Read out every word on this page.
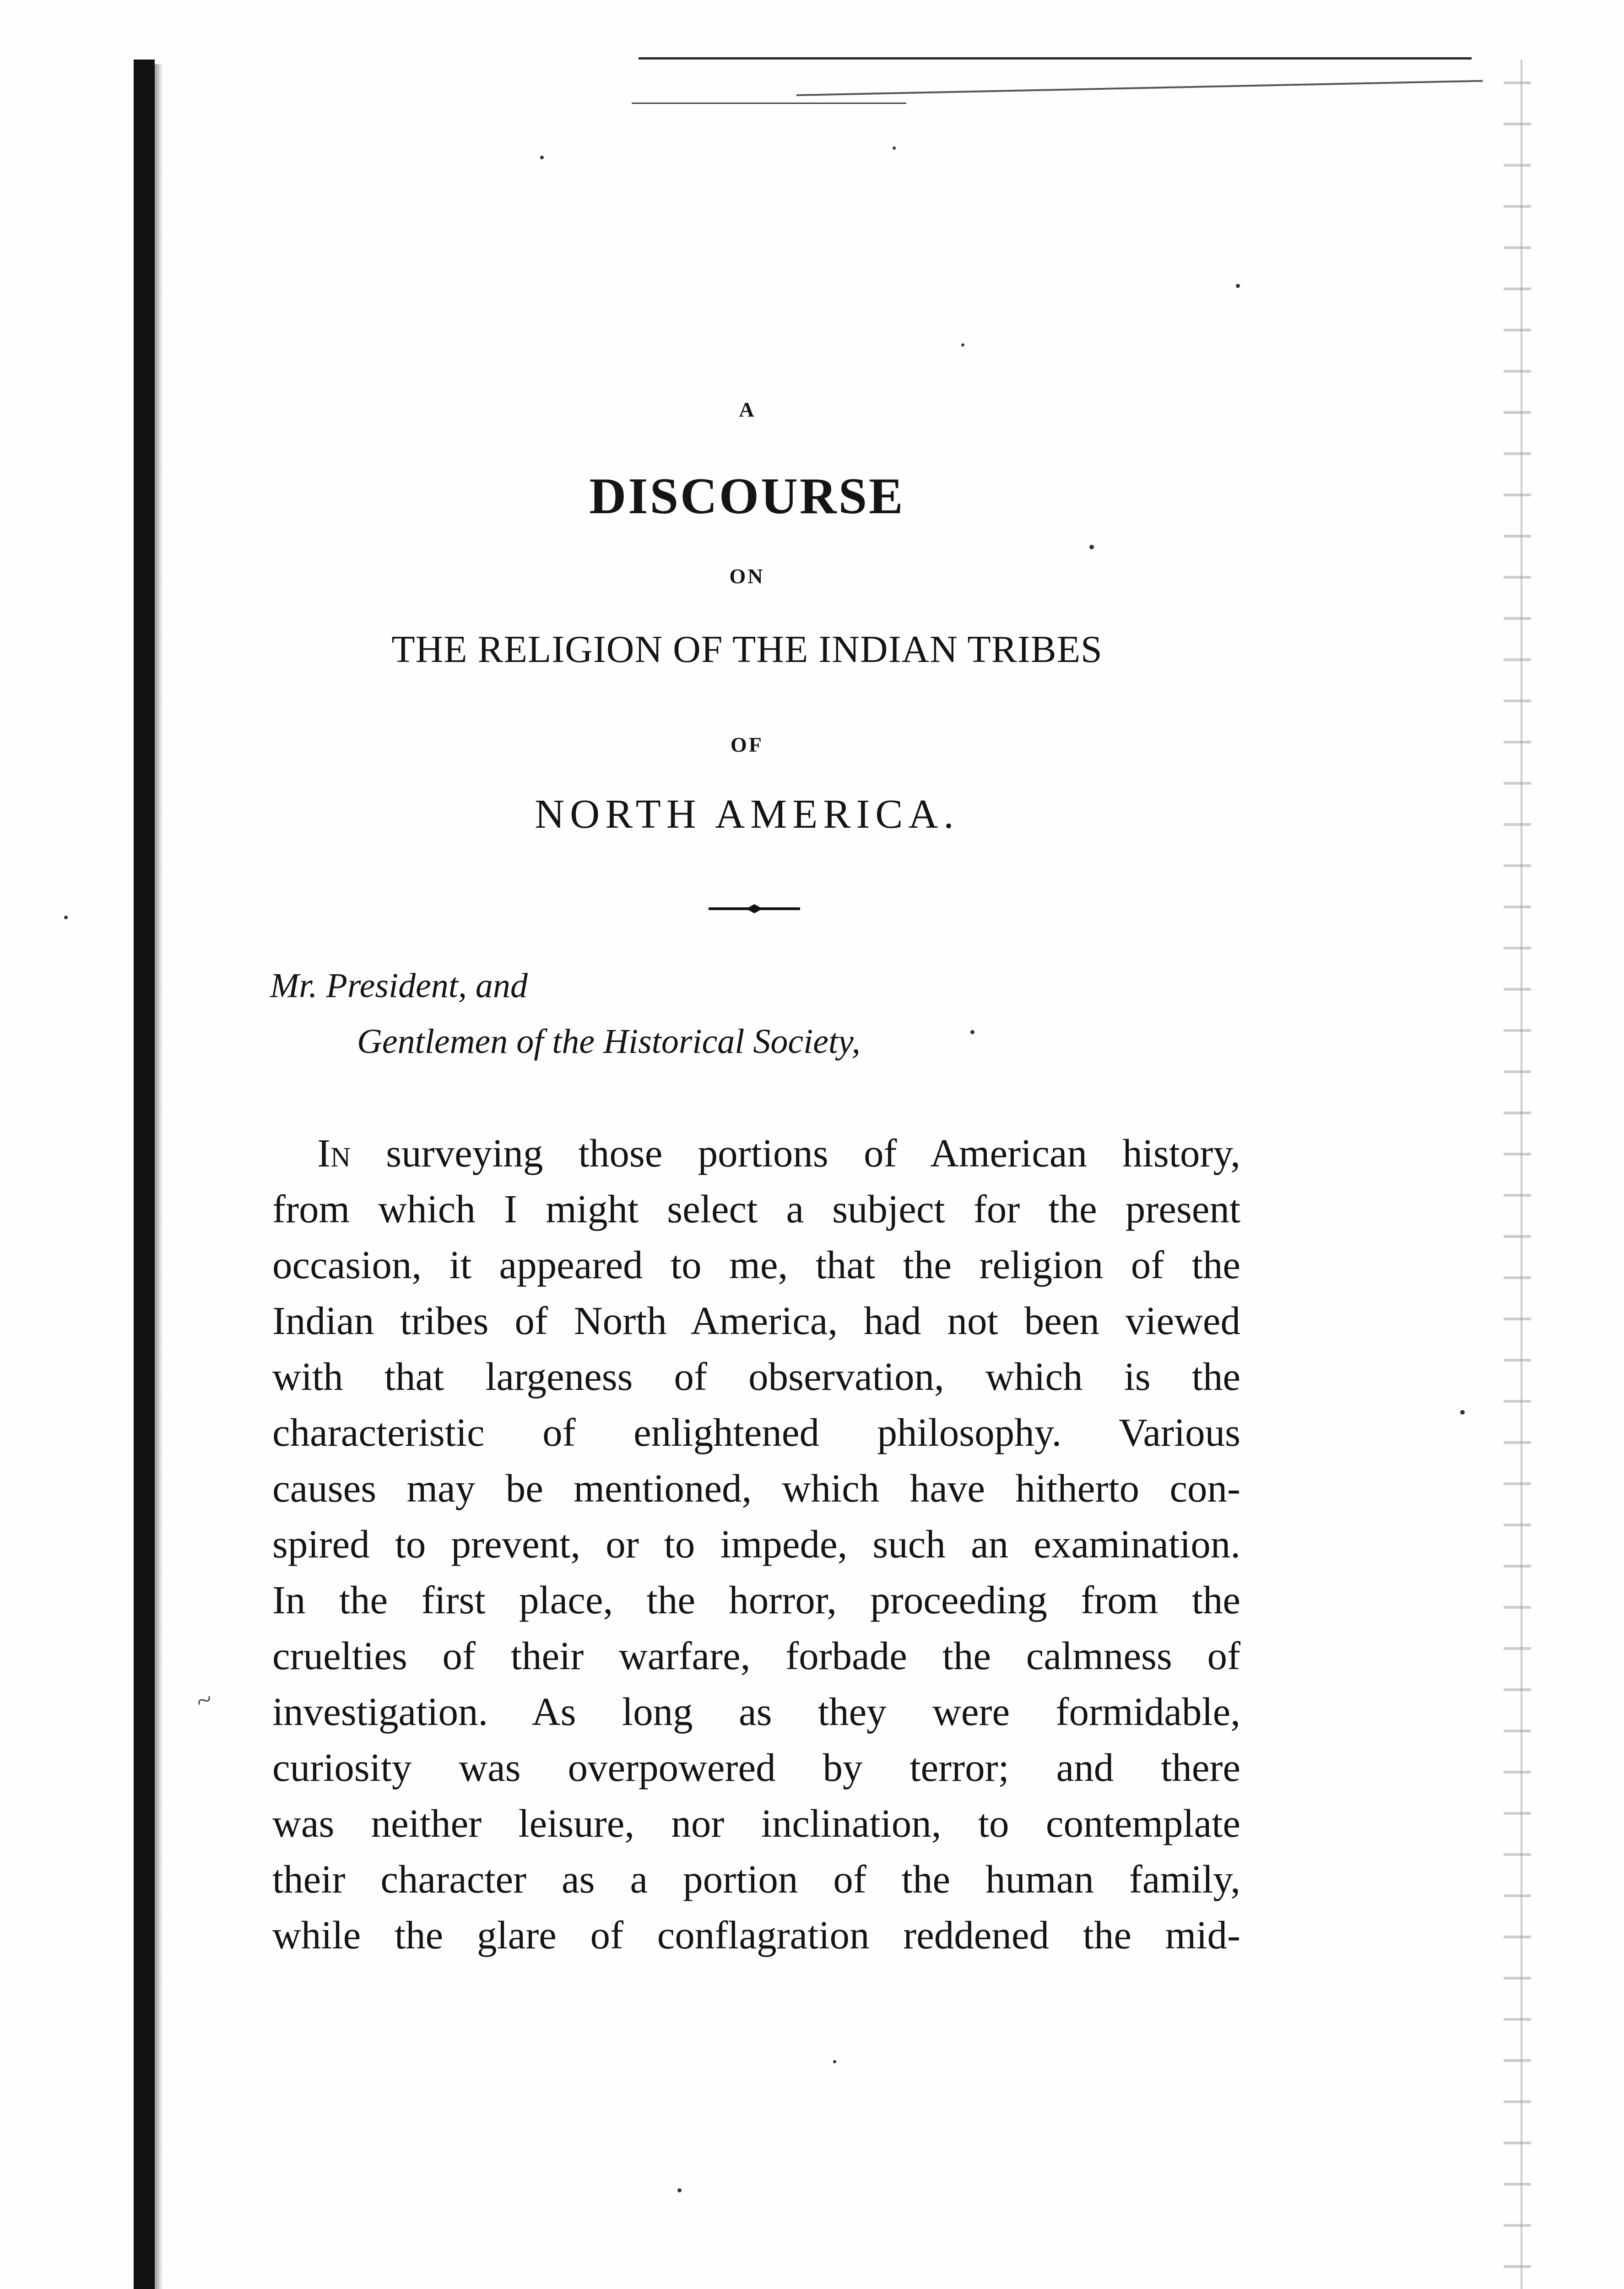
A
DISCOURSE
ON
THE RELIGION OF THE INDIAN TRIBES
OF
NORTH AMERICA.
Mr. President, and
Gentlemen of the Historical Society,
In surveying those portions of American history,
from which I might select a subject for the present
occasion, it appeared to me, that the religion of the
Indian tribes of North America, had not been viewed
with that largeness of observation, which is the
characteristic of enlightened philosophy. Various
causes may be mentioned, which have hitherto con-
spired to prevent, or to impede, such an examination.
In the first place, the horror, proceeding from the
cruelties of their warfare, forbade the calmness of
investigation. As long as they were formidable,
curiosity was overpowered by terror; and there
was neither leisure, nor inclination, to contemplate
their character as a portion of the human family,
while the glare of conflagration reddened the mid-
~
